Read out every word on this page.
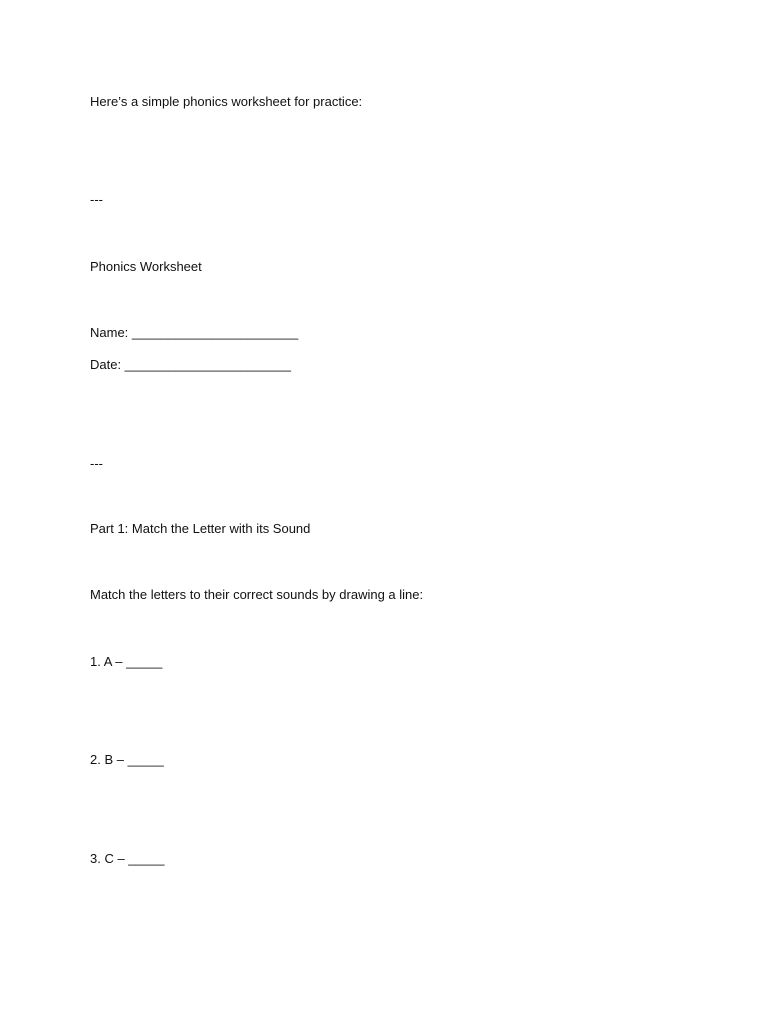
Here’s a simple phonics worksheet for practice:
---
Phonics Worksheet
Name: _______________________
Date: _______________________
---
Part 1: Match the Letter with its Sound
Match the letters to their correct sounds by drawing a line:
1. A – _____
2. B – _____
3. C – _____
